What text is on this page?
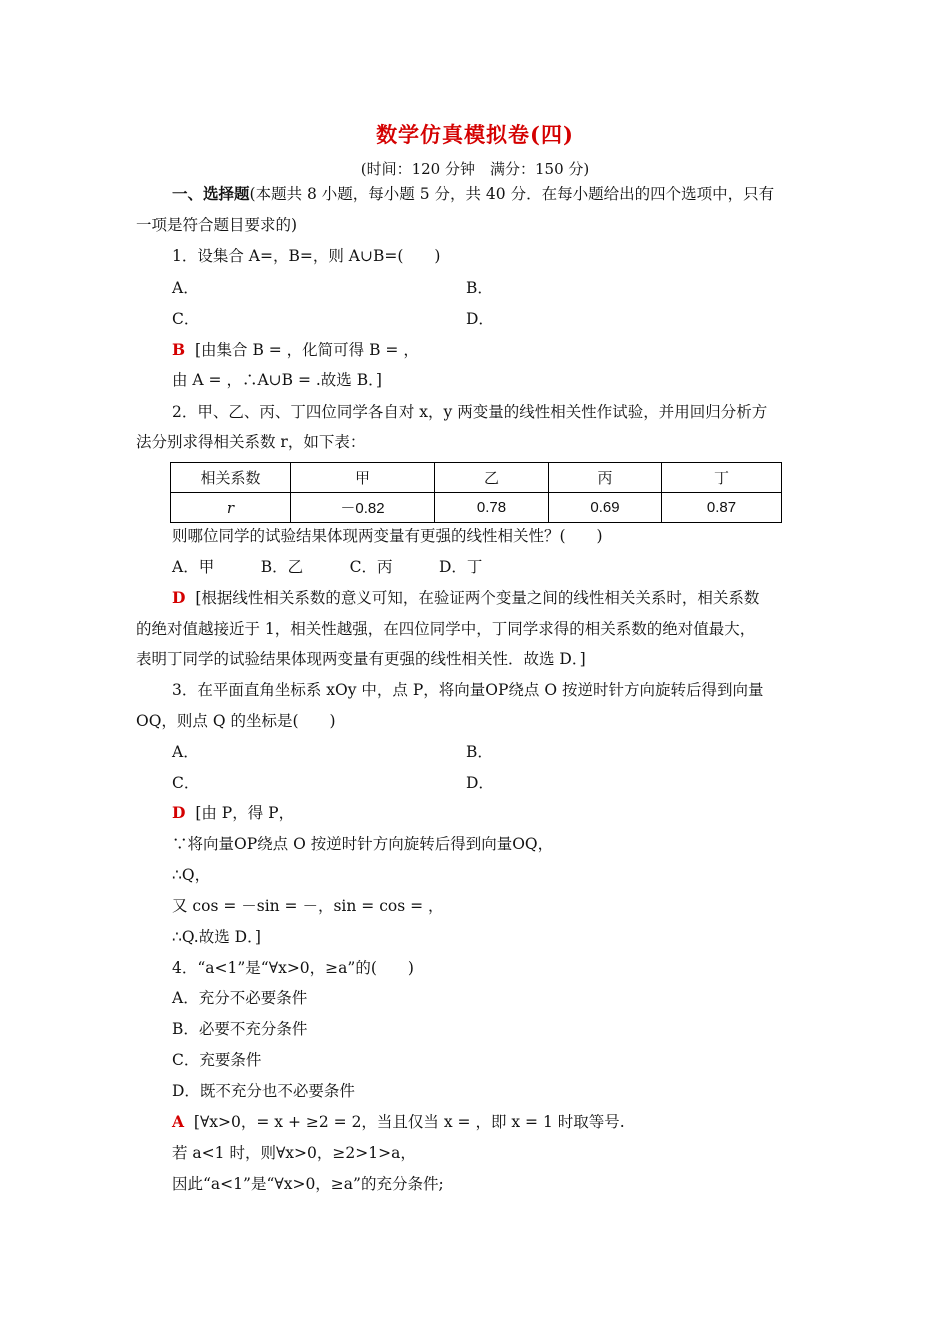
数学仿真模拟卷(四)
(时间：120 分钟　满分：150 分)
一、选择题(本题共 8 小题，每小题 5 分，共 40 分．在每小题给出的四个选项中，只有
一项是符合题目要求的)
1．设集合 A=，B=，则 A∪B=(　　)
A．	B．
C．	D．
B [由集合 B = ，化简可得 B = ，
由 A = ，∴A∪B = .故选 B．]
2．甲、乙、丙、丁四位同学各自对 x，y 两变量的线性相关性作试验，并用回归分析方
法分别求得相关系数 r，如下表：
相关系数	甲	乙	丙	丁
r	－0.82	0.78	0.69	0.87
则哪位同学的试验结果体现两变量有更强的线性相关性？(　　)
A．甲　　　B．乙　　　C．丙　　　D．丁
D [根据线性相关系数的意义可知，在验证两个变量之间的线性相关关系时，相关系数
的绝对值越接近于 1，相关性越强，在四位同学中，丁同学求得的相关系数的绝对值最大，
表明丁同学的试验结果体现两变量有更强的线性相关性．故选 D．]
3．在平面直角坐标系 xOy 中，点 P，将向量OP绕点 O 按逆时针方向旋转后得到向量
OQ，则点 Q 的坐标是(　　)
A．	B．
C．	D．
D [由 P，得 P，
∵将向量OP绕点 O 按逆时针方向旋转后得到向量OQ，
∴Q，
又 cos = －sin = －，sin = cos = ，
∴Q.故选 D．]
4．“a<1”是“∀x>0，≥a”的(　　)
A．充分不必要条件
B．必要不充分条件
C．充要条件
D．既不充分也不必要条件
A [∀x>0，= x + ≥2 = 2，当且仅当 x = ，即 x = 1 时取等号.
若 a<1 时，则∀x>0，≥2>1>a，
因此“a<1”是“∀x>0，≥a”的充分条件;
